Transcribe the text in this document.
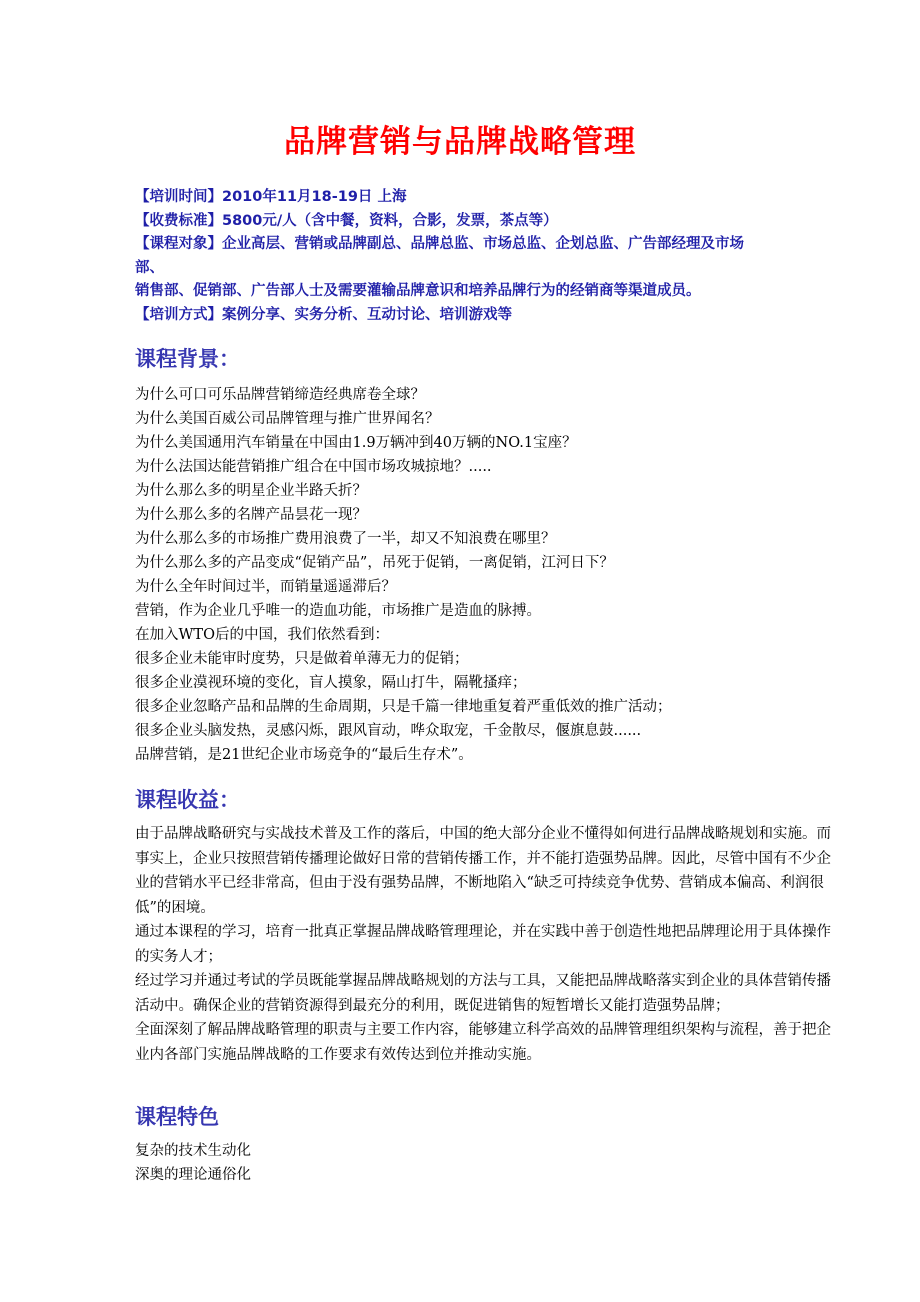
品牌营销与品牌战略管理
【培训时间】2010年11月18-19日 上海
【收费标准】5800元/人（含中餐，资料，合影，发票，茶点等）
【课程对象】企业高层、营销或品牌副总、品牌总监、市场总监、企划总监、广告部经理及市场
部、
销售部、促销部、广告部人士及需要灌输品牌意识和培养品牌行为的经销商等渠道成员。
【培训方式】案例分享、实务分析、互动讨论、培训游戏等
课程背景：
为什么可口可乐品牌营销缔造经典席卷全球？
为什么美国百威公司品牌管理与推广世界闻名？
为什么美国通用汽车销量在中国由1.9万辆冲到40万辆的NO.1宝座？
为什么法国达能营销推广组合在中国市场攻城掠地？.....
为什么那么多的明星企业半路夭折？
为什么那么多的名牌产品昙花一现？
为什么那么多的市场推广费用浪费了一半，却又不知浪费在哪里？
为什么那么多的产品变成“促销产品”，吊死于促销，一离促销，江河日下？
为什么全年时间过半，而销量遥遥滞后？
营销，作为企业几乎唯一的造血功能，市场推广是造血的脉搏。
在加入WTO后的中国，我们依然看到：
很多企业未能审时度势，只是做着单薄无力的促销；
很多企业漠视环境的变化，盲人摸象，隔山打牛，隔靴搔痒；
很多企业忽略产品和品牌的生命周期，只是千篇一律地重复着严重低效的推广活动；
很多企业头脑发热，灵感闪烁，跟风盲动，哗众取宠，千金散尽，偃旗息鼓......
品牌营销，是21世纪企业市场竞争的“最后生存术”。
课程收益：

由于品牌战略研究与实战技术普及工作的落后，中国的绝大部分企业不懂得如何进行品牌战略规划和实施。而事实上，企业只按照营销传播理论做好日常的营销传播工作，并不能打造强势品牌。因此，尽管中国有不少企业的营销水平已经非常高，但由于没有强势品牌，不断地陷入“缺乏可持续竞争优势、营销成本偏高、利润很低”的困境。

通过本课程的学习，培育一批真正掌握品牌战略管理理论，并在实践中善于创造性地把品牌理论用于具体操作的实务人才；

经过学习并通过考试的学员既能掌握品牌战略规划的方法与工具，又能把品牌战略落实到企业的具体营销传播活动中。确保企业的营销资源得到最充分的利用，既促进销售的短暂增长又能打造强势品牌；

全面深刻了解品牌战略管理的职责与主要工作内容，能够建立科学高效的品牌管理组织架构与流程，善于把企业内各部门实施品牌战略的工作要求有效传达到位并推动实施。

课程特色
复杂的技术生动化
深奥的理论通俗化
